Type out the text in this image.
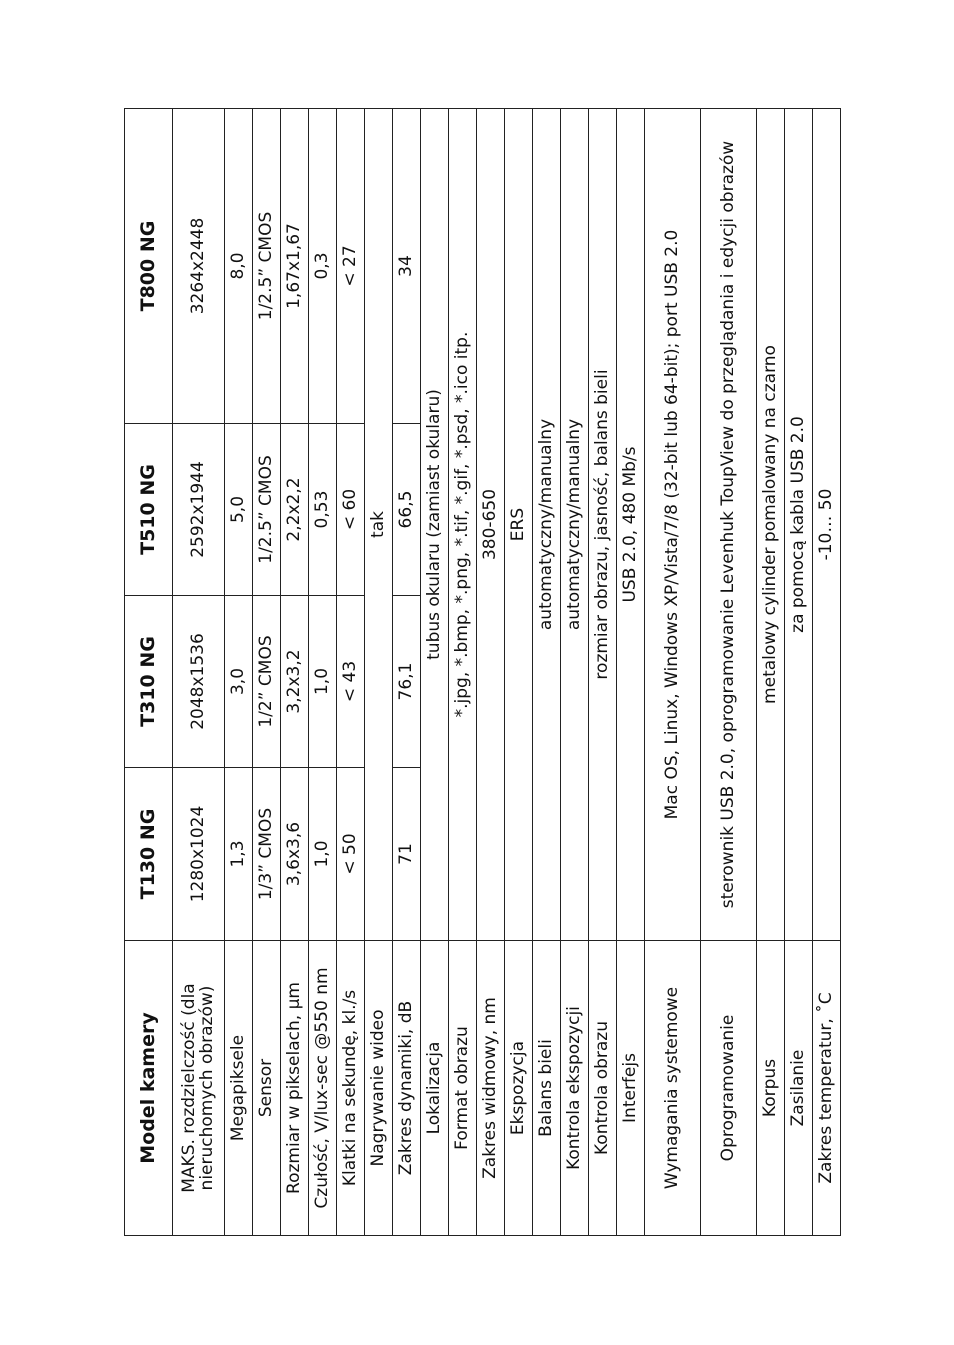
Model kamery	T130 NG	T310 NG	T510 NG	T800 NG
MAKS. rozdzielczość (dla nieruchomych obrazów)	1280x1024	2048x1536	2592x1944	3264x2448
Megapiksele	1,3	3,0	5,0	8,0
Sensor	1/3” CMOS	1/2” CMOS	1/2.5” CMOS	1/2.5” CMOS
Rozmiar w pikselach, µm	3,6x3,6	3,2x3,2	2,2x2,2	1,67x1,67
Czułość, V/lux-sec @550 nm	1,0	1,0	0,53	0,3
Klatki na sekundę, kl./s	< 50	< 43	< 60	< 27
Nagrywanie wideo	tak			
Zakres dynamiki, dB	71	76,1	66,5	34
Lokalizacja	tubus okularu (zamiast okularu)			
Format obrazu	*.jpg, *.bmp, *.png, *.tif, *.gif, *.psd, *.ico itp.			
Zakres widmowy, nm	380-650			
Ekspozycja	ERS			
Balans bieli	automatyczny/manualny			
Kontrola ekspozycji	automatyczny/manualny			
Kontrola obrazu	rozmiar obrazu, jasność, balans bieli			
Interfejs	USB 2.0, 480 Mb/s			
Wymagania systemowe	Mac OS, Linux, Windows XP/Vista/7/8 (32-bit lub 64-bit); port USB 2.0			
Oprogramowanie	sterownik USB 2.0, oprogramowanie Levenhuk ToupView do przeglądania i edycji obrazów			
Korpus	metalowy cylinder pomalowany na czarno			
Zasilanie	za pomocą kabla USB 2.0			
Zakres temperatur, ˚C	-10… 50			
